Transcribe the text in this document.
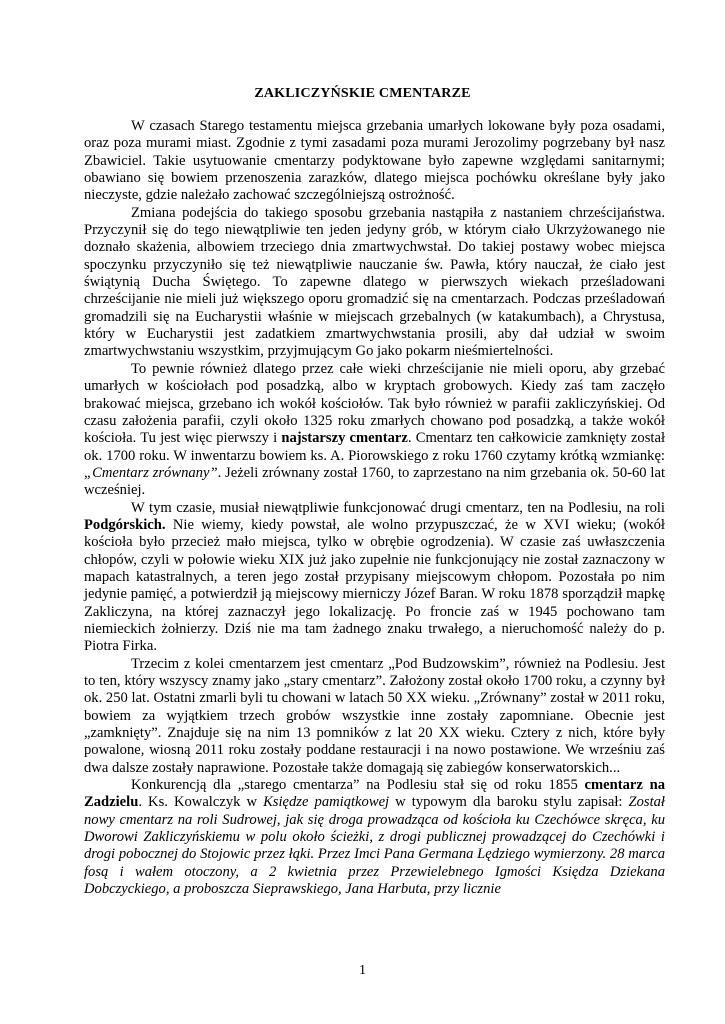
ZAKLICZYŃSKIE CMENTARZE

W czasach Starego testamentu miejsca grzebania umarłych lokowane były poza osadami, oraz poza murami miast. Zgodnie z tymi zasadami poza murami Jerozolimy pogrzebany był nasz Zbawiciel. Takie usytuowanie cmentarzy podyktowane było zapewne względami sanitarnymi; obawiano się bowiem przenoszenia zarazków, dlatego miejsca pochówku określane były jako nieczyste, gdzie należało zachować szczególniejszą ostrożność.

Zmiana podejścia do takiego sposobu grzebania nastąpiła z nastaniem chrześcijaństwa. Przyczynił się do tego niewątpliwie ten jeden jedyny grób, w którym ciało Ukrzyżowanego nie doznało skażenia, albowiem trzeciego dnia zmartwychwstał. Do takiej postawy wobec miejsca spoczynku przyczyniło się też niewątpliwie nauczanie św. Pawła, który nauczał, że ciało jest świątynią Ducha Świętego. To zapewne dlatego w pierwszych wiekach prześladowani chrześcijanie nie mieli już większego oporu gromadzić się na cmentarzach. Podczas prześladowań gromadzili się na Eucharystii właśnie w miejscach grzebalnych (w katakumbach), a Chrystusa, który w Eucharystii jest zadatkiem zmartwychwstania prosili, aby dał udział w swoim zmartwychwstaniu wszystkim, przyjmującym Go jako pokarm nieśmiertelności.

To pewnie również dlatego przez całe wieki chrześcijanie nie mieli oporu, aby grzebać umarłych w kościołach pod posadzką, albo w kryptach grobowych. Kiedy zaś tam zaczęło brakować miejsca, grzebano ich wokół kościołów. Tak było również w parafii zakliczyńskiej. Od czasu założenia parafii, czyli około 1325 roku zmarłych chowano pod posadzką, a także wokół kościoła. Tu jest więc pierwszy i najstarszy cmentarz. Cmentarz ten całkowicie zamknięty został ok. 1700 roku. W inwentarzu bowiem ks. A. Piorowskiego z roku 1760 czytamy krótką wzmiankę: „Cmentarz zrównany”. Jeżeli zrównany został 1760, to zaprzestano na nim grzebania ok. 50-60 lat wcześniej.

W tym czasie, musiał niewątpliwie funkcjonować drugi cmentarz, ten na Podlesiu, na roli Podgórskich. Nie wiemy, kiedy powstał, ale wolno przypuszczać, że w XVI wieku; (wokół kościoła było przecież mało miejsca, tylko w obrębie ogrodzenia). W czasie zaś uwłaszczenia chłopów, czyli w połowie wieku XIX już jako zupełnie nie funkcjonujący nie został zaznaczony w mapach katastralnych, a teren jego został przypisany miejscowym chłopom. Pozostała po nim jedynie pamięć, a potwierdził ją miejscowy mierniczy Józef Baran. W roku 1878 sporządził mapkę Zakliczyna, na której zaznaczył jego lokalizację. Po froncie zaś w 1945 pochowano tam niemieckich żołnierzy. Dziś nie ma tam żadnego znaku trwałego, a nieruchomość należy do p. Piotra Firka.

Trzecim z kolei cmentarzem jest cmentarz „Pod Budzowskim”, również na Podlesiu. Jest to ten, który wszyscy znamy jako „stary cmentarz”. Założony został około 1700 roku, a czynny był ok. 250 lat. Ostatni zmarli byli tu chowani w latach 50 XX wieku. „Zrównany” został w 2011 roku, bowiem za wyjątkiem trzech grobów wszystkie inne zostały zapomniane. Obecnie jest „zamknięty”. Znajduje się na nim 13 pomników z lat 20 XX wieku. Cztery z nich, które były powalone, wiosną 2011 roku zostały poddane restauracji i na nowo postawione. We wrześniu zaś dwa dalsze zostały naprawione. Pozostałe także domagają się zabiegów konserwatorskich...

Konkurencją dla „starego cmentarza” na Podlesiu stał się od roku 1855 cmentarz na Zadzielu. Ks. Kowalczyk w Księdze pamiątkowej w typowym dla baroku stylu zapisał: Został nowy cmentarz na roli Sudrowej, jak się droga prowadząca od kościoła ku Czechówce skręca, ku Dworowi Zakliczyńskiemu w polu około ścieżki, z drogi publicznej prowadzącej do Czechówki i drogi pobocznej do Stojowic przez łąki. Przez Imci Pana Germana Lędziego wymierzony. 28 marca fosą i wałem otoczony, a 2 kwietnia przez Przewielebnego Igmości Księdza Dziekana Dobczyckiego, a proboszcza Sieprawskiego, Jana Harbuta, przy licznie

1
